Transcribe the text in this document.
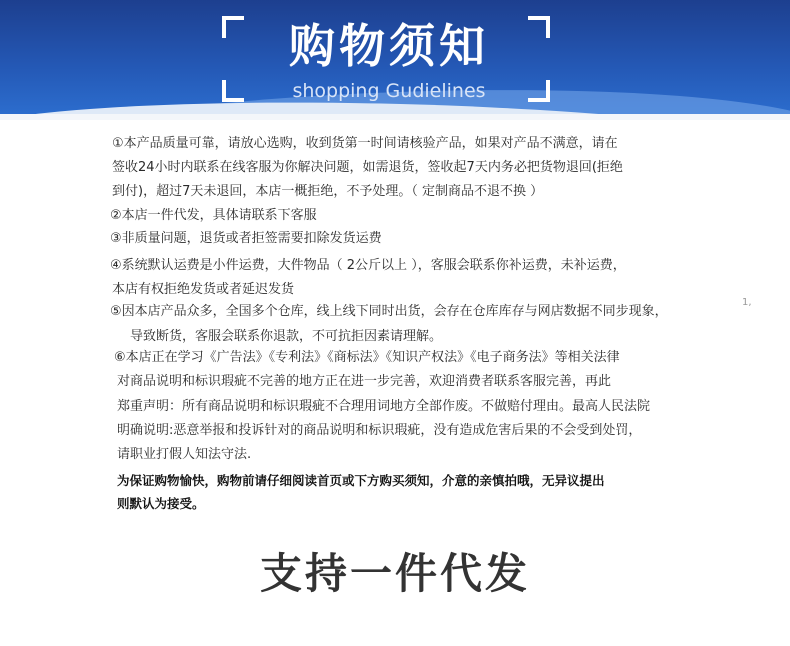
购物须知
shopping Gudielines
①本产品质量可靠，请放心选购，收到货第一时间请核验产品，如果对产品不满意，请在
签收24小时内联系在线客服为你解决问题，如需退货，签收起7天内务必把货物退回(拒绝
到付)，超过7天未退回，本店一概拒绝，不予处理。（ 定制商品不退不换 ）
②本店一件代发，具体请联系下客服
③非质量问题，退货或者拒签需要扣除发货运费
④系统默认运费是小件运费，大件物品（ 2公斤以上 ），客服会联系你补运费，未补运费，
本店有权拒绝发货或者延迟发货
⑤因本店产品众多，全国多个仓库，线上线下同时出货，会存在仓库库存与网店数据不同步现象，
导致断货，客服会联系你退款，不可抗拒因素请理解。
⑥本店正在学习《广告法》《专利法》《商标法》《知识产权法》《电子商务法》等相关法律
对商品说明和标识瑕疵不完善的地方正在进一步完善，欢迎消费者联系客服完善，再此
郑重声明：所有商品说明和标识瑕疵不合理用词地方全部作废。不做赔付理由。最高人民法院
明确说明:恶意举报和投诉针对的商品说明和标识瑕疵，没有造成危害后果的不会受到处罚，
请职业打假人知法守法.
为保证购物愉快，购物前请仔细阅读首页或下方购买须知，介意的亲慎拍哦，无异议提出
则默认为接受。
1,
支持一件代发
